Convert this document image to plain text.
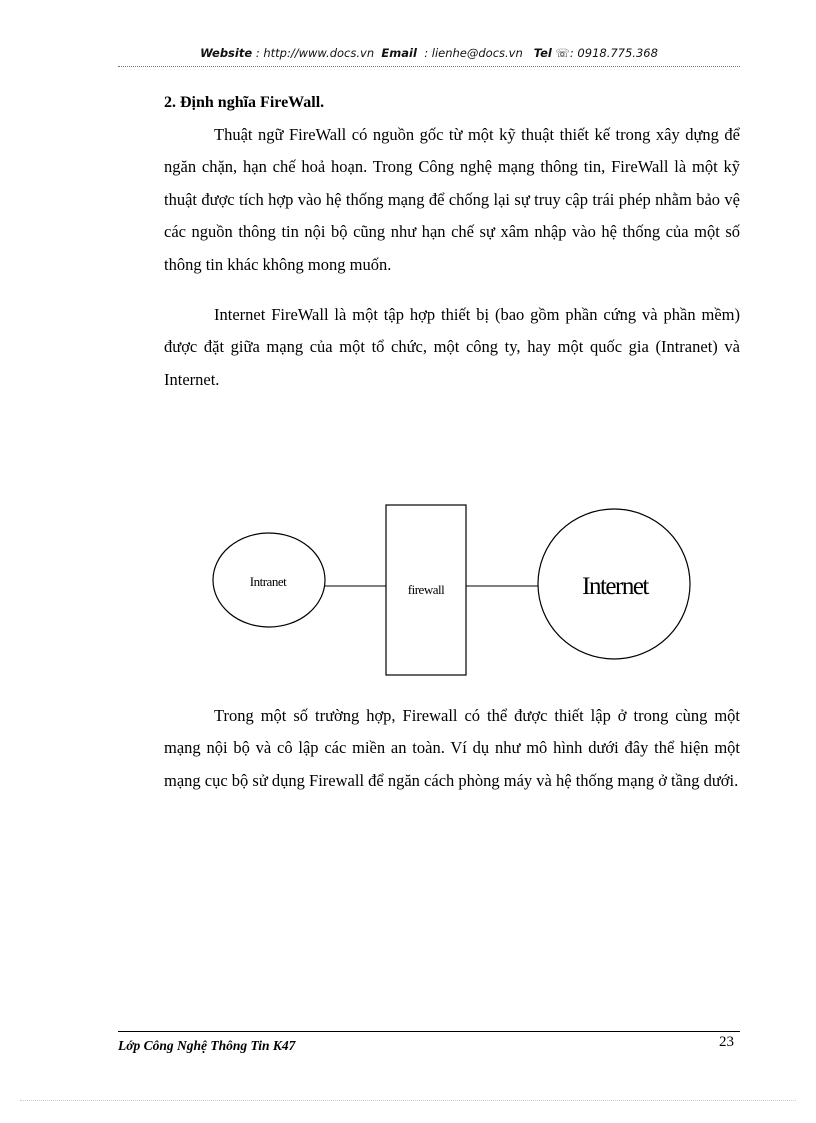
Website : http://www.docs.vn Email : lienhe@docs.vn Tel ☏: 0918.775.368
2. Định nghĩa FireWall.

Thuật ngữ FireWall có nguồn gốc từ một kỹ thuật thiết kế trong xây dựng để ngăn chặn, hạn chế hoả hoạn. Trong Công nghệ mạng thông tin, FireWall là một kỹ thuật được tích hợp vào hệ thống mạng để chống lại sự truy cập trái phép nhằm bảo vệ các nguồn thông tin nội bộ cũng như hạn chế sự xâm nhập vào hệ thống của một số thông tin khác không mong muốn.

Internet FireWall là một tập hợp thiết bị (bao gồm phần cứng và phần mềm) được đặt giữa mạng của một tổ chức, một công ty, hay một quốc gia (Intranet) và Internet.

Intranet
firewall	Internet

Trong một số trường hợp, Firewall có thể được thiết lập ở trong cùng một mạng nội bộ và cô lập các miền an toàn. Ví dụ như mô hình dưới đây thể hiện một mạng cục bộ sử dụng Firewall để ngăn cách phòng máy và hệ thống mạng ở tầng dưới.

Lớp Công Nghệ Thông Tin K47	23
